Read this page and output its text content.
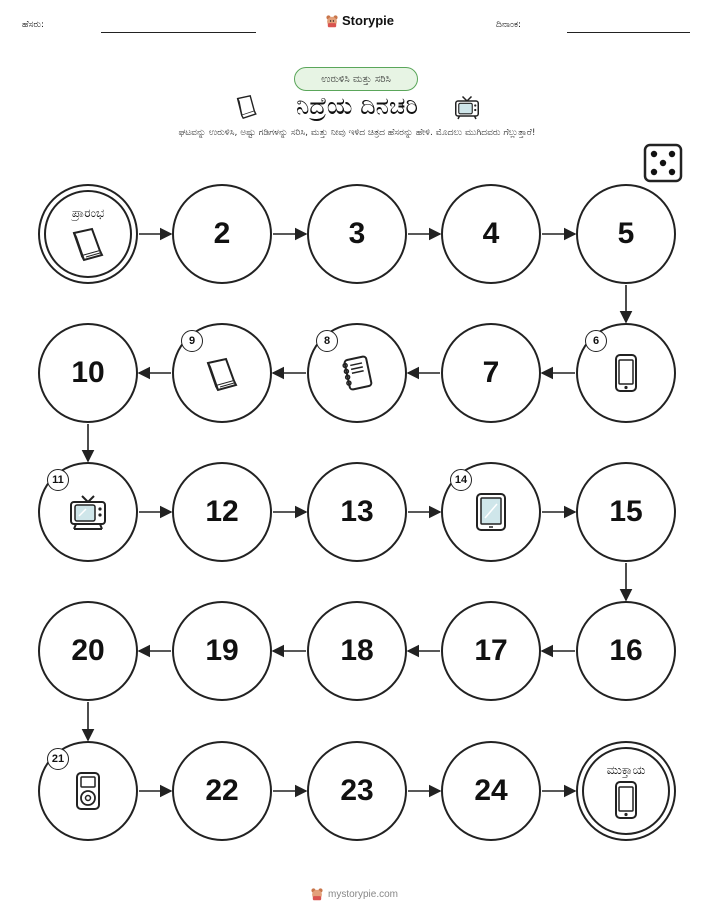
ಹೆಸರು:	Storypie	ದಿನಾಂಕ:
ಉರುಳಿಸಿ ಮತ್ತು ಸರಿಸಿ
ನಿದ್ರೆಯ ದಿನಚರಿ
ಘಟವನ್ನು ಉರುಳಿಸಿ, ಅಷ್ಟು ಗಡಿಗಳನ್ನು ಸರಿಸಿ, ಮತ್ತು ನೀವು ಇಳಿದ ಚಿತ್ರದ ಹೆಸರನ್ನು ಹೇಳಿ. ಮೊದಲು ಮುಗಿದವರು ಗೆಲ್ಲುತ್ತಾರೆ!
ಪ್ರಾರಂಭ
2	3	4	5
10
9	8
7
6
11
12	13
14
15
20	19	18	17	16
21
22	23	24
ಮುಕ್ತಾಯ
mystorypie.com
